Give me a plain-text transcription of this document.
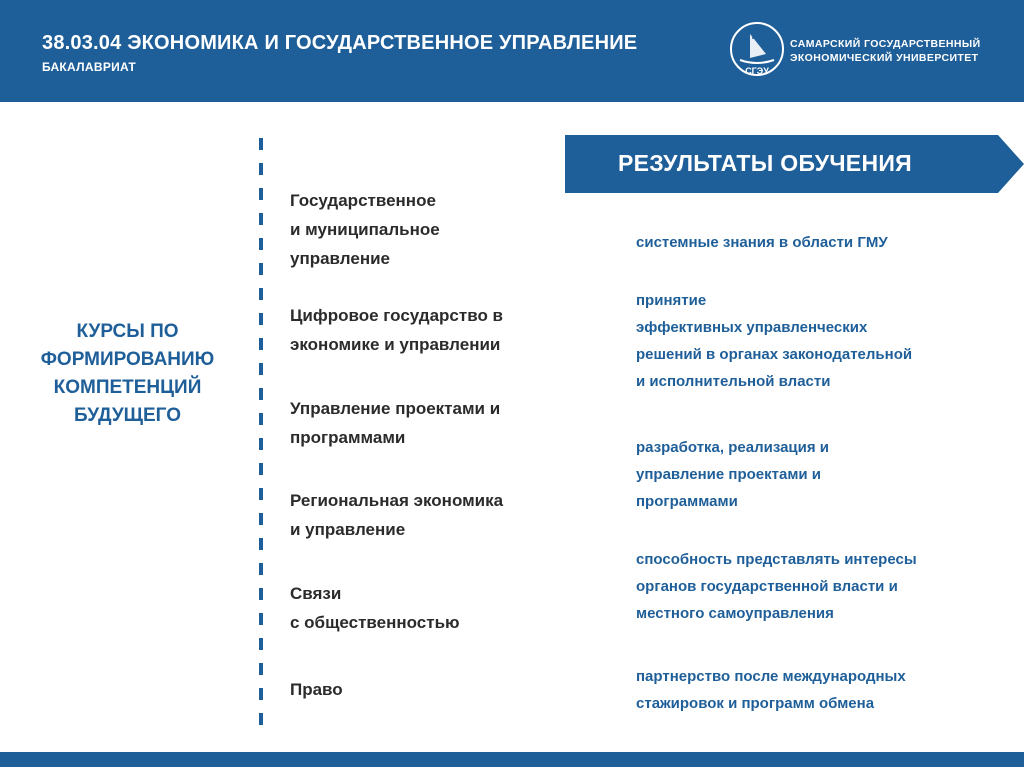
38.03.04 ЭКОНОМИКА И ГОСУДАРСТВЕННОЕ УПРАВЛЕНИЕ
БАКАЛАВРИАТ	СГЭУ
САМАРСКИЙ ГОСУДАРСТВЕННЫЙ
ЭКОНОМИЧЕСКИЙ УНИВЕРСИТЕТ
КУРСЫ ПО
ФОРМИРОВАНИЮ
КОМПЕТЕНЦИЙ
БУДУЩЕГО
Государственное
и муниципальное
управление
Цифровое государство в
экономике и управлении
Управление проектами и
программами
Региональная экономика
и управление
Связи
с общественностью
Право
РЕЗУЛЬТАТЫ ОБУЧЕНИЯ
системные знания в области ГМУ
принятие
эффективных управленческих
решений в органах законодательной
и исполнительной власти
разработка, реализация и
управление проектами и
программами
способность представлять интересы
органов государственной власти и
местного самоуправления
партнерство после международных
стажировок и программ обмена
